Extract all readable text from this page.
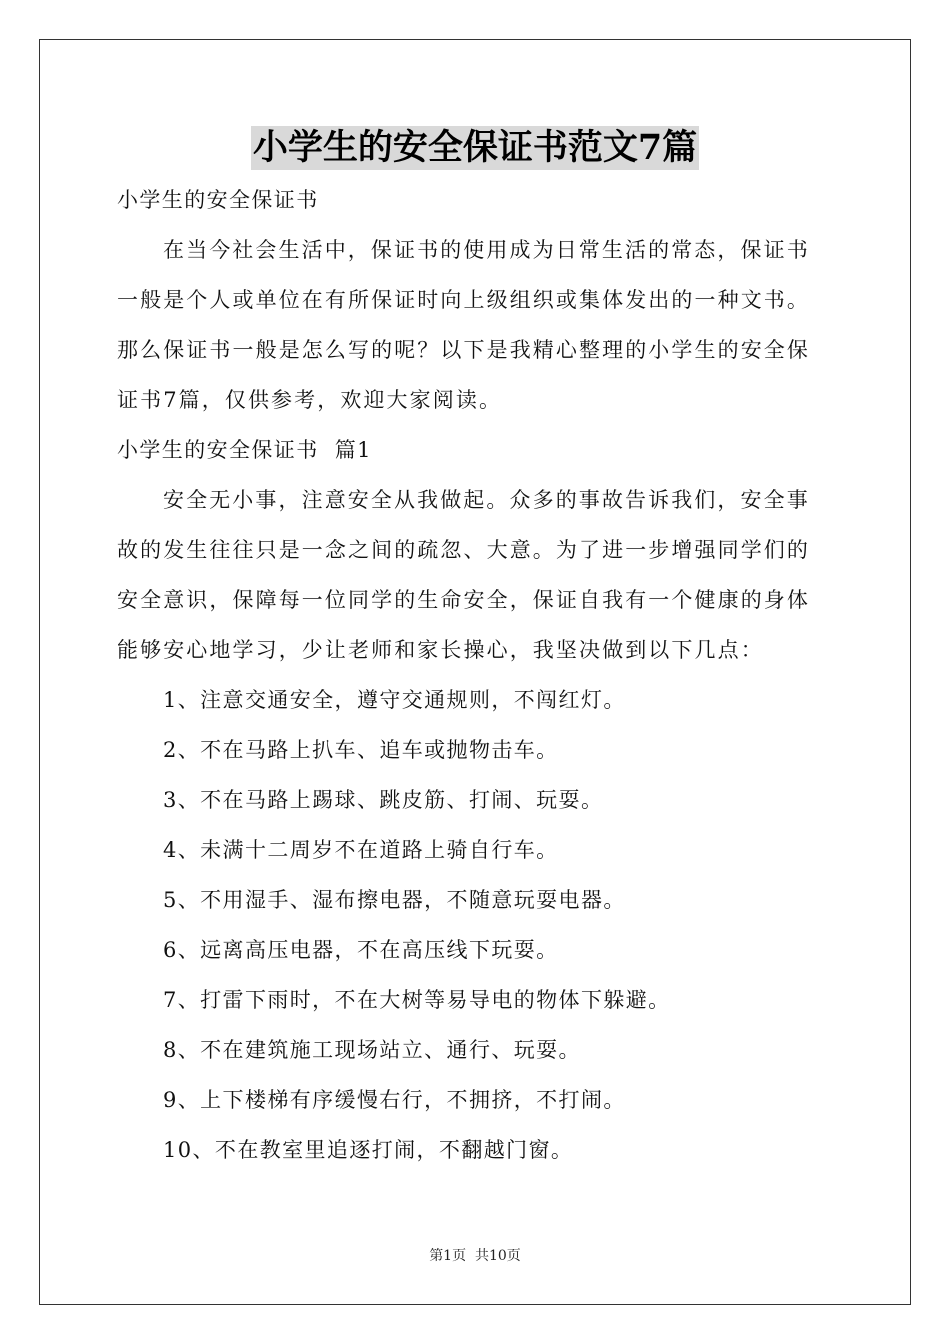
小学生的安全保证书范文7篇
小学生的安全保证书
在当今社会生活中，保证书的使用成为日常生活的常态，保证书
一般是个人或单位在有所保证时向上级组织或集体发出的一种文书。
那么保证书一般是怎么写的呢？以下是我精心整理的小学生的安全保
证书7篇，仅供参考，欢迎大家阅读。
小学生的安全保证书  篇1
安全无小事，注意安全从我做起。众多的事故告诉我们，安全事
故的发生往往只是一念之间的疏忽、大意。为了进一步增强同学们的
安全意识，保障每一位同学的生命安全，保证自我有一个健康的身体
能够安心地学习，少让老师和家长操心，我坚决做到以下几点：
1、注意交通安全，遵守交通规则，不闯红灯。
2、不在马路上扒车、追车或抛物击车。
3、不在马路上踢球、跳皮筋、打闹、玩耍。
4、未满十二周岁不在道路上骑自行车。
5、不用湿手、湿布擦电器，不随意玩耍电器。
6、远离高压电器，不在高压线下玩耍。
7、打雷下雨时，不在大树等易导电的物体下躲避。
8、不在建筑施工现场站立、通行、玩耍。
9、上下楼梯有序缓慢右行，不拥挤，不打闹。
10、不在教室里追逐打闹，不翻越门窗。
第1页  共10页
